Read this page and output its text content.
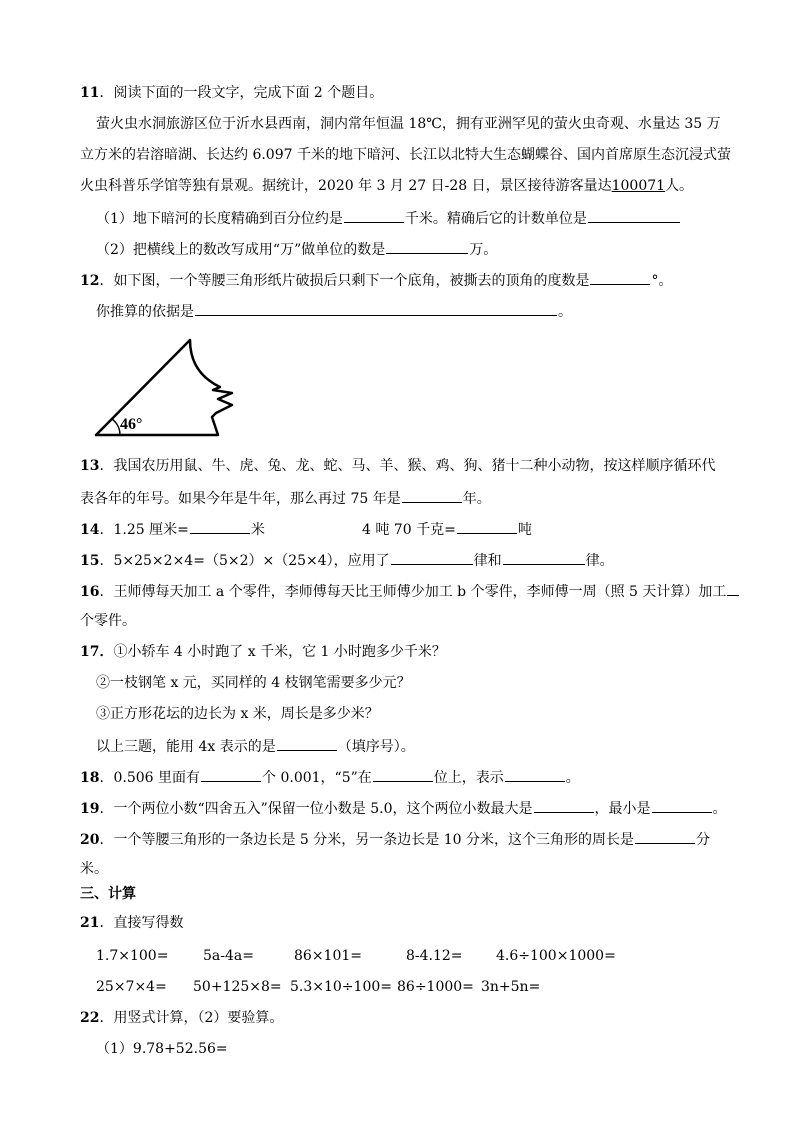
11．阅读下面的一段文字，完成下面 2 个题目。
萤火虫水洞旅游区位于沂水县西南，洞内常年恒温 18℃，拥有亚洲罕见的萤火虫奇观、水量达 35 万
立方米的岩溶暗湖、长达约 6.097 千米的地下暗河、长江以北特大生态蝴蝶谷、国内首席原生态沉浸式萤
火虫科普乐学馆等独有景观。据统计，2020 年 3 月 27 日-28 日，景区接待游客量达100071人。
（1）地下暗河的长度精确到百分位约是	千米。精确后它的计数单位是
（2）把横线上的数改写成用“万”做单位的数是	万。
12．如下图，一个等腰三角形纸片破损后只剩下一个底角，被撕去的顶角的度数是	°。
你推算的依据是	。
46°
13．我国农历用鼠、牛、虎、兔、龙、蛇、马、羊、猴、鸡、狗、猪十二种小动物，按这样顺序循环代
表各年的年号。如果今年是牛年，那么再过 75 年是	年。
14．1.25 厘米=	米	4 吨 70 千克=	吨
15．5×25×2×4=（5×2）×（25×4），应用了	律和	律。
16．王师傅每天加工 a 个零件，李师傅每天比王师傅少加工 b 个零件，李师傅一周（照 5 天计算）加工
个零件。
17．①小轿车 4 小时跑了 x 千米，它 1 小时跑多少千米？
②一枝钢笔 x 元，买同样的 4 枝钢笔需要多少元？
③正方形花坛的边长为 x 米，周长是多少米？
以上三题，能用 4x 表示的是	（填序号）。
18．0.506 里面有	个 0.001，“5”在	位上，表示	。
19．一个两位小数“四舍五入”保留一位小数是 5.0，这个两位小数最大是	，最小是	。
20．一个等腰三角形的一条边长是 5 分米，另一条边长是 10 分米，这个三角形的周长是	分
米。
三、计算
21．直接写得数
1.7×100= 5a-4a=	86×101=	8-4.12= 4.6÷100×1000=
25×7×4= 50+125×8= 5.3×10÷100= 86÷1000= 3n+5n=
22．用竖式计算，（2）要验算。
（1）9.78+52.56=
